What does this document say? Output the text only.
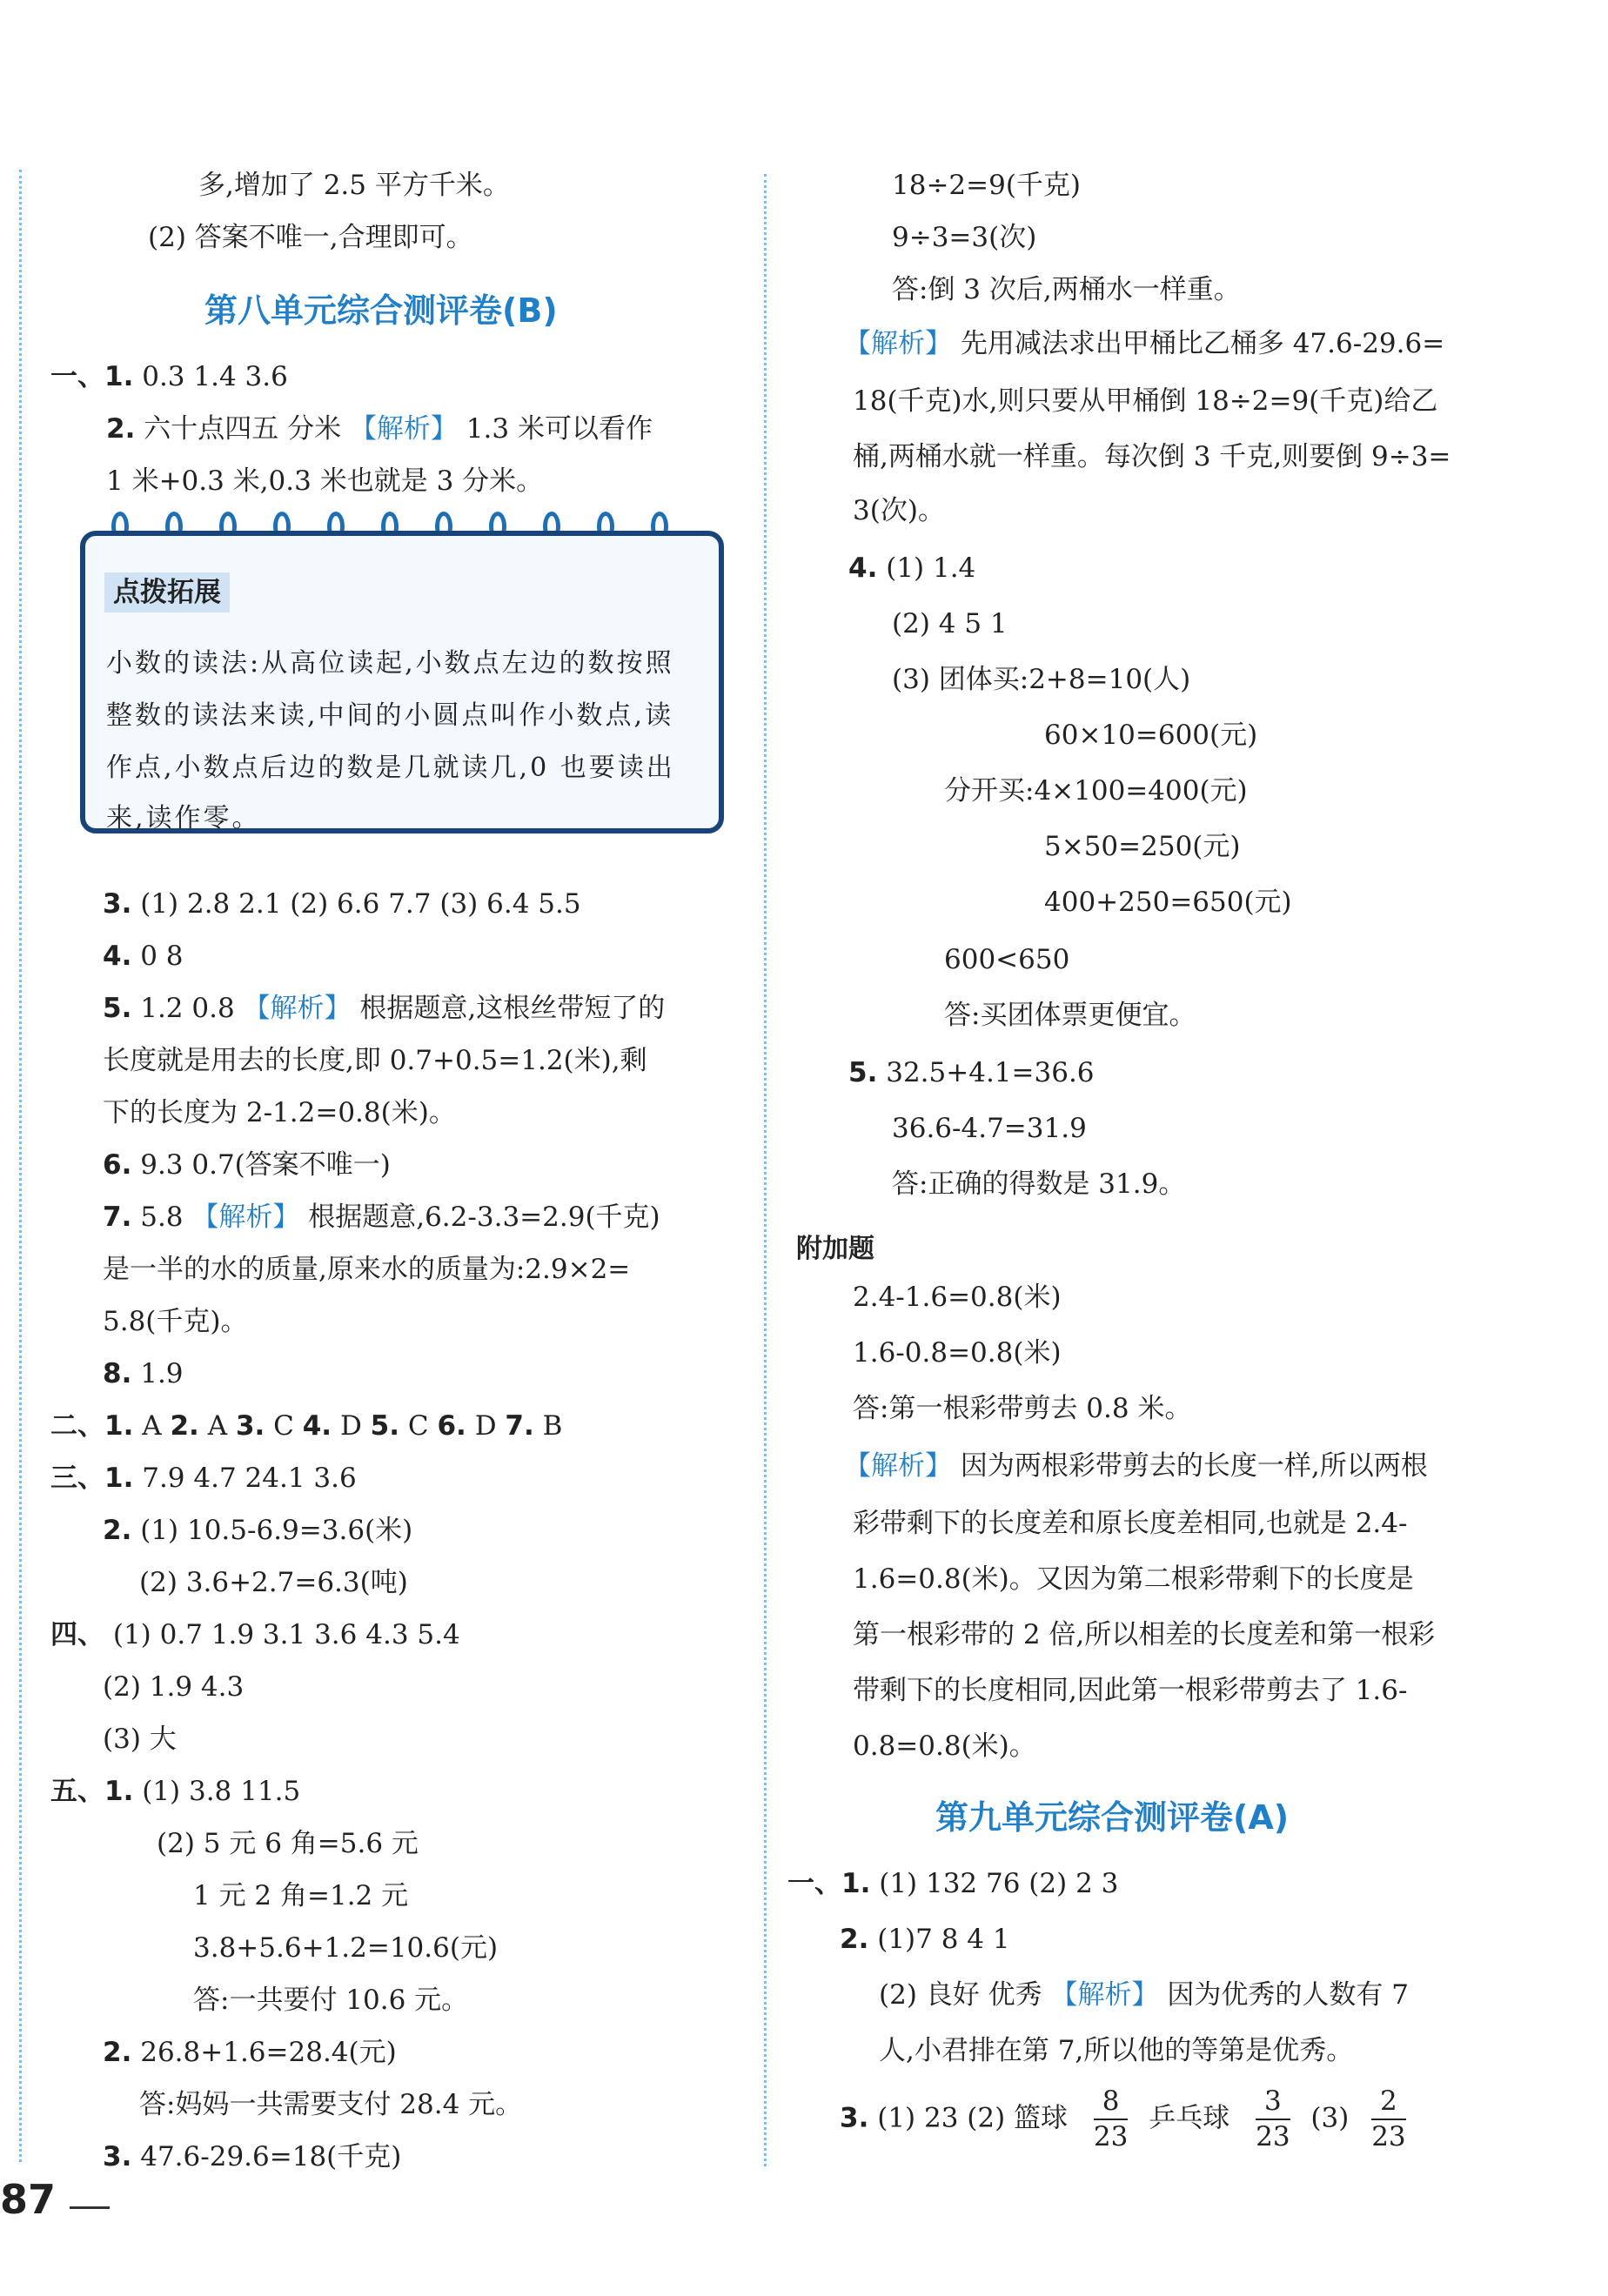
多,增加了 2.5 平方千米。
(2) 答案不唯一,合理即可。
第八单元综合测评卷(B)
一、1. 0.3 1.4 3.6
2. 六十点四五 分米 【解析】 1.3 米可以看作
1 米+0.3 米,0.3 米也就是 3 分米。
点拨拓展
小数的读法:从高位读起,小数点左边的数按照
整数的读法来读,中间的小圆点叫作小数点,读
作点,小数点后边的数是几就读几,0 也要读出
来,读作零。
3. (1) 2.8 2.1 (2) 6.6 7.7 (3) 6.4 5.5
4. 0 8
5. 1.2 0.8 【解析】 根据题意,这根丝带短了的
长度就是用去的长度,即 0.7+0.5=1.2(米),剩
下的长度为 2-1.2=0.8(米)。
6. 9.3 0.7(答案不唯一)
7. 5.8 【解析】 根据题意,6.2-3.3=2.9(千克)
是一半的水的质量,原来水的质量为:2.9×2=
5.8(千克)。
8. 1.9
二、1. A 2. A 3. C 4. D 5. C 6. D 7. B
三、1. 7.9 4.7 24.1 3.6
2. (1) 10.5-6.9=3.6(米)
(2) 3.6+2.7=6.3(吨)
四、 (1) 0.7 1.9 3.1 3.6 4.3 5.4
(2) 1.9 4.3
(3) 大
五、1. (1) 3.8 11.5
(2) 5 元 6 角=5.6 元
1 元 2 角=1.2 元
3.8+5.6+1.2=10.6(元)
答:一共要付 10.6 元。
2. 26.8+1.6=28.4(元)
答:妈妈一共需要支付 28.4 元。
3. 47.6-29.6=18(千克)
18÷2=9(千克)
9÷3=3(次)
答:倒 3 次后,两桶水一样重。
【解析】 先用减法求出甲桶比乙桶多 47.6-29.6=
18(千克)水,则只要从甲桶倒 18÷2=9(千克)给乙
桶,两桶水就一样重。每次倒 3 千克,则要倒 9÷3=
3(次)。
4. (1) 1.4
(2) 4 5 1
(3) 团体买:2+8=10(人)
60×10=600(元)
分开买:4×100=400(元)
5×50=250(元)
400+250=650(元)
600<650
答:买团体票更便宜。
5. 32.5+4.1=36.6
36.6-4.7=31.9
答:正确的得数是 31.9。
附加题
2.4-1.6=0.8(米)
1.6-0.8=0.8(米)
答:第一根彩带剪去 0.8 米。
【解析】 因为两根彩带剪去的长度一样,所以两根
彩带剩下的长度差和原长度差相同,也就是 2.4-
1.6=0.8(米)。又因为第二根彩带剩下的长度是
第一根彩带的 2 倍,所以相差的长度差和第一根彩
带剩下的长度相同,因此第一根彩带剪去了 1.6-
0.8=0.8(米)。
第九单元综合测评卷(A)
一、1. (1) 132 76 (2) 2 3
2. (1)7 8 4 1
(2) 良好 优秀 【解析】 因为优秀的人数有 7
人,小君排在第 7,所以他的等第是优秀。
3. (1) 23 (2) 篮球 $\frac{8}{23}$ 乒乓球 $\frac{3}{23} (3) \frac{2}{23}$
87
